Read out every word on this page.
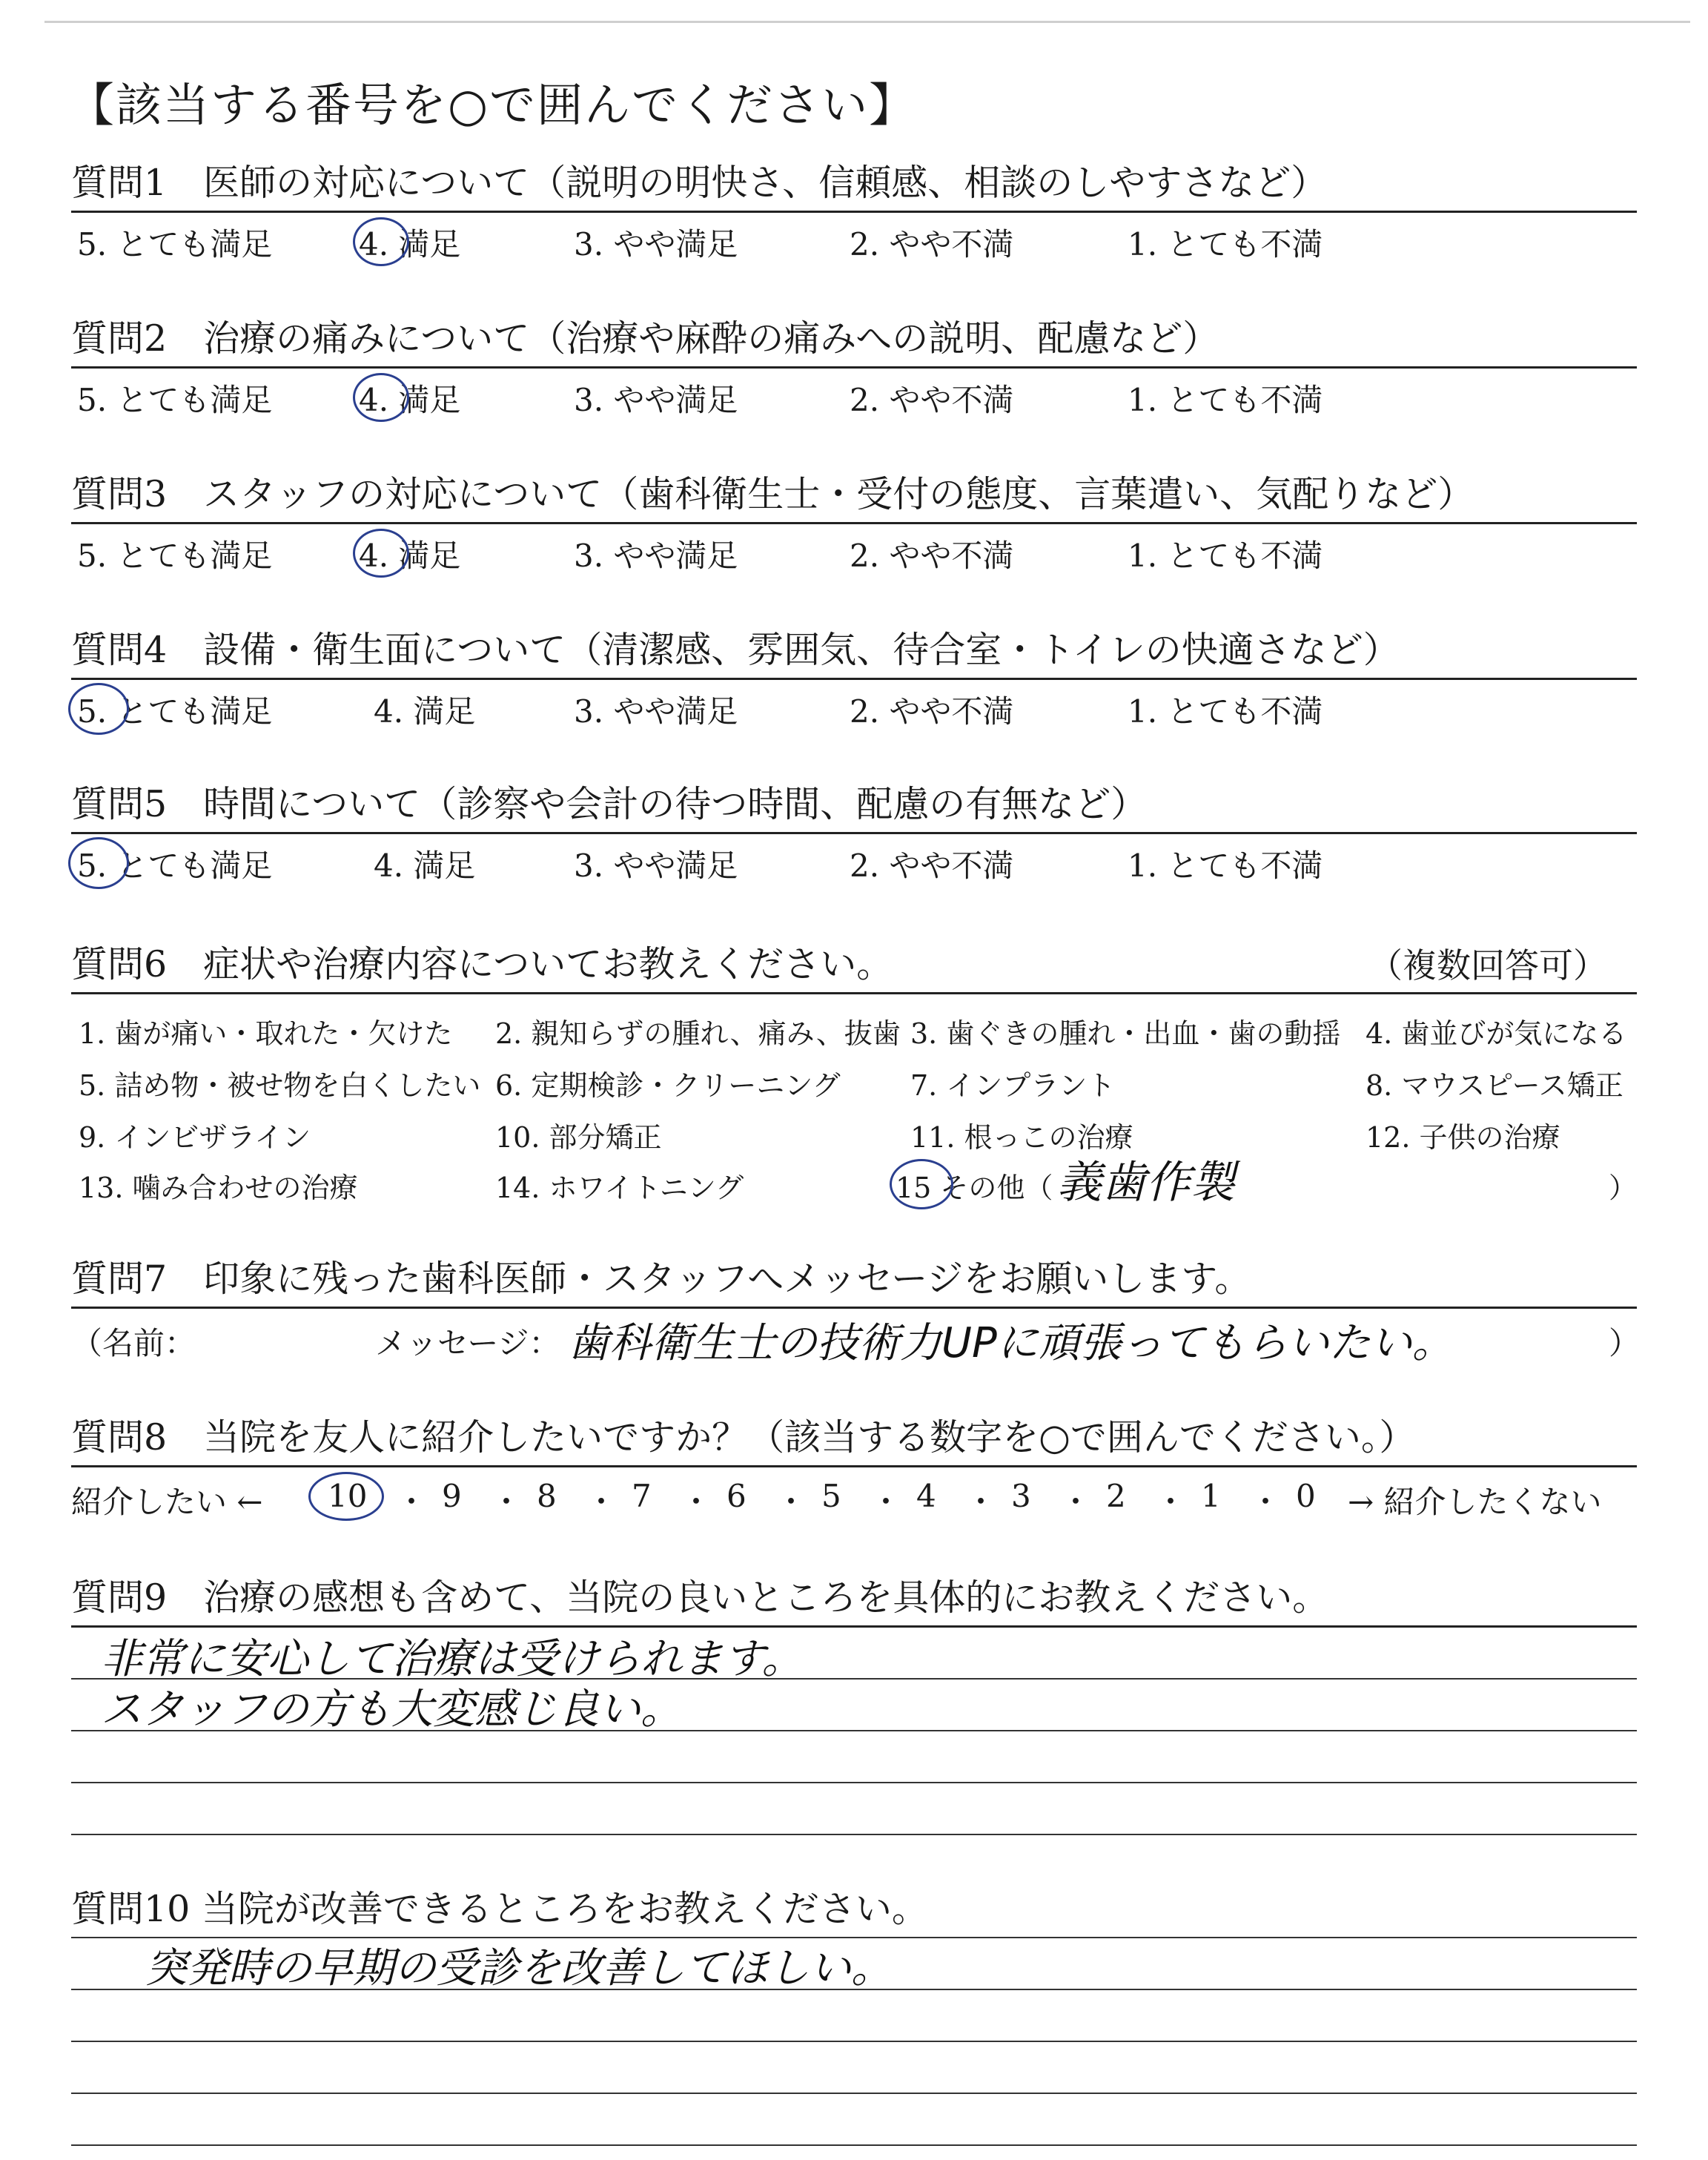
【該当する番号を○で囲んでください】
質問1　医師の対応について（説明の明快さ、信頼感、相談のしやすさなど）
5. とても満足	4. 満足	3. やや満足	2. やや不満	1. とても不満
質問2　治療の痛みについて（治療や麻酔の痛みへの説明、配慮など）
5. とても満足	4. 満足	3. やや満足	2. やや不満	1. とても不満
質問3　スタッフの対応について（歯科衛生士・受付の態度、言葉遣い、気配りなど）
5. とても満足	4. 満足	3. やや満足	2. やや不満	1. とても不満
質問4　設備・衛生面について（清潔感、雰囲気、待合室・トイレの快適さなど）
5. とても満足	4. 満足	3. やや満足	2. やや不満	1. とても不満
質問5　時間について（診察や会計の待つ時間、配慮の有無など）
5. とても満足	4. 満足	3. やや満足	2. やや不満	1. とても不満
質問6　症状や治療内容についてお教えください。	（複数回答可）
1. 歯が痛い・取れた・欠けた 2. 親知らずの腫れ、痛み、抜歯 3. 歯ぐきの腫れ・出血・歯の動揺 4. 歯並びが気になる
5. 詰め物・被せ物を白くしたい 6. 定期検診・クリーニング 7. インプラント	8. マウスピース矯正
9. インビザライン	10. 部分矯正	11. 根っこの治療	12. 子供の治療
13. 噛み合わせの治療	14. ホワイトニング	15 その他（ 義歯作製	）
質問7　印象に残った歯科医師・スタッフへメッセージをお願いします。
（名前：	メッセージ： 歯科衛生士の技術力UPに頑張ってもらいたい。	）
質問8　当院を友人に紹介したいですか？（該当する数字を○で囲んでください。）
紹介したい ← 10 ・ 9 ・ 8 ・ 7 ・ 6 ・ 5 ・ 4 ・ 3 ・ 2 ・ 1 ・ 0 → 紹介したくない
質問9　治療の感想も含めて、当院の良いところを具体的にお教えください。
非常に安心して治療は受けられます。
スタッフの方も大変感じ良い。
質問10 当院が改善できるところをお教えください。
突発時の早期の受診を改善してほしい。
